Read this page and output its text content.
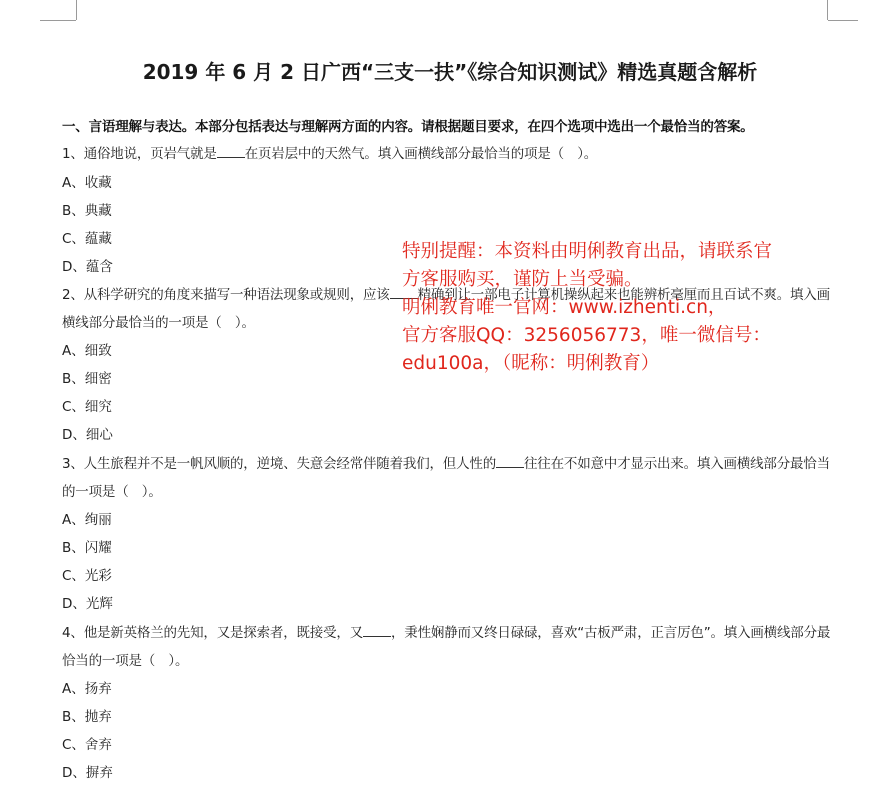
2019 年 6 月 2 日广西“三支一扶”《综合知识测试》精选真题含解析
一、言语理解与表达。本部分包括表达与理解两方面的内容。请根据题目要求，在四个选项中选出一个最恰当的答案。
1、通俗地说，页岩气就是 在页岩层中的天然气。填入画横线部分最恰当的项是（　）。
A、收藏
B、典藏
C、蕴藏
D、蕴含
2、从科学研究的角度来描写一种语法现象或规则，应该 精确到让一部电子计算机操纵起来也能辨析毫厘而且百试不爽。填入画
横线部分最恰当的一项是（　）。
A、细致
B、细密
C、细究
D、细心
3、人生旅程并不是一帆风顺的，逆境、失意会经常伴随着我们，但人性的 往往在不如意中才显示出来。填入画横线部分最恰当
的一项是（　）。
A、绚丽
B、闪耀
C、光彩
D、光辉
4、他是新英格兰的先知，又是探索者，既接受，又 ，秉性娴静而又终日碌碌，喜欢“古板严肃，正言厉色”。填入画横线部分最
恰当的一项是（　）。
A、扬弃
B、抛弃
C、舍弃
D、摒弃
特别提醒：本资料由明俐教育出品，请联系官
方客服购买，谨防上当受骗。
明俐教育唯一官网：www.izhenti.cn，
官方客服QQ：3256056773，唯一微信号：
edu100a，（昵称：明俐教育）
